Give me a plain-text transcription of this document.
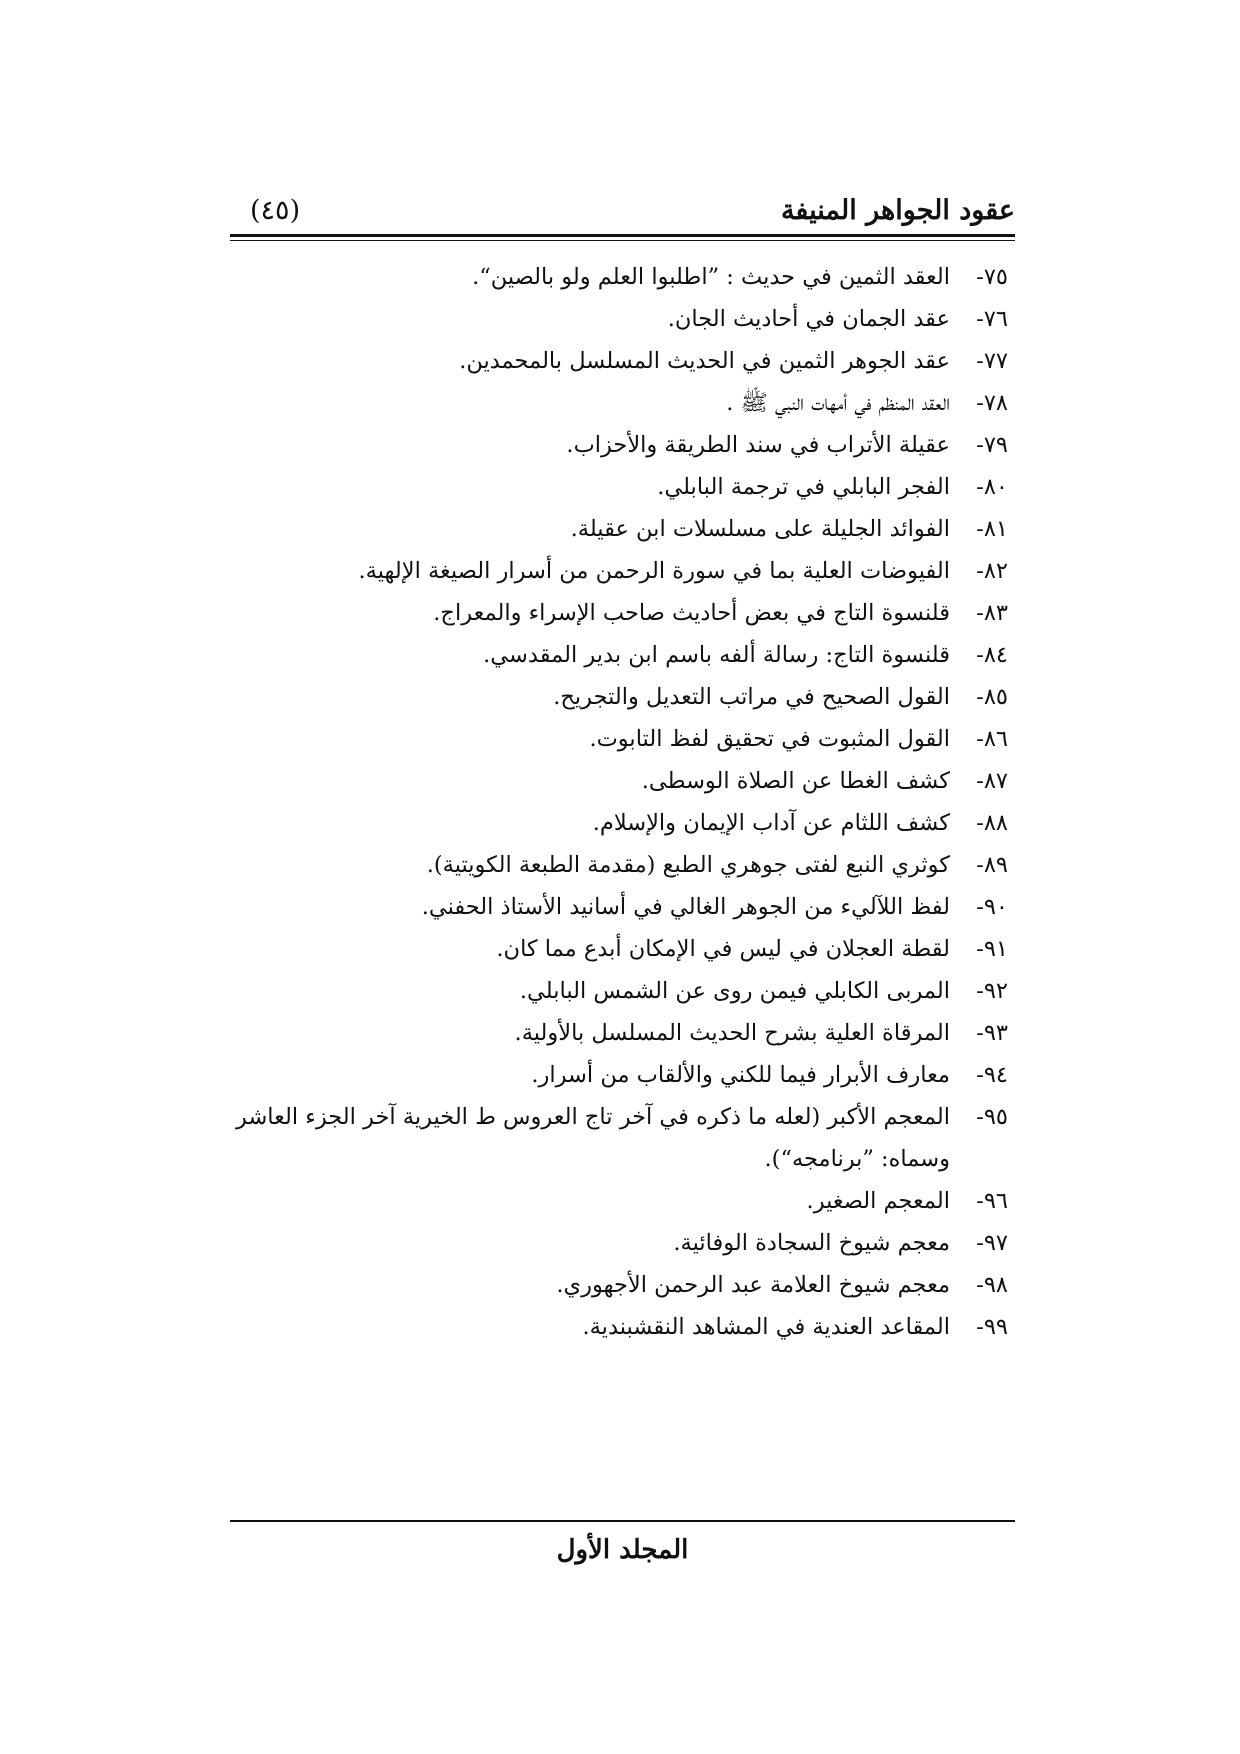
عقود الجواهر المنيفة
(٤٥)
٧٥-
العقد الثمين في حديث : ”اطلبوا العلم ولو بالصين“.
٧٦-
عقد الجمان في أحاديث الجان.
٧٧-
عقد الجوهر الثمين في الحديث المسلسل بالمحمدين.
٧٨-
العقد المنظم في أمهات النبي ﷺ .
٧٩-
عقيلة الأتراب في سند الطريقة والأحزاب.
٨٠-
الفجر البابلي في ترجمة البابلي.
٨١-
الفوائد الجليلة على مسلسلات ابن عقيلة.
٨٢-
الفيوضات العلية بما في سورة الرحمن من أسرار الصيغة الإلهية.
٨٣-
قلنسوة التاج في بعض أحاديث صاحب الإسراء والمعراج.
٨٤-
قلنسوة التاج: رسالة ألفه باسم ابن بدير المقدسي.
٨٥-
القول الصحيح في مراتب التعديل والتجريح.
٨٦-
القول المثبوت في تحقيق لفظ التابوت.
٨٧-
كشف الغطا عن الصلاة الوسطى.
٨٨-
كشف اللثام عن آداب الإيمان والإسلام.
٨٩-
كوثري النبع لفتى جوهري الطبع (مقدمة الطبعة الكويتية).
٩٠-
لفظ اللآليء من الجوهر الغالي في أسانيد الأستاذ الحفني.
٩١-
لقطة العجلان في ليس في الإمكان أبدع مما كان.
٩٢-
المربى الكابلي فيمن روى عن الشمس البابلي.
٩٣-
المرقاة العلية بشرح الحديث المسلسل بالأولية.
٩٤-
معارف الأبرار فيما للكني والألقاب من أسرار.
٩٥-
المعجم الأكبر (لعله ما ذكره في آخر تاج العروس ط الخيرية آخر الجزء العاشر وسماه: ”برنامجه“).
٩٦-
المعجم الصغير.
٩٧-
معجم شيوخ السجادة الوفائية.
٩٨-
معجم شيوخ العلامة عبد الرحمن الأجهوري.
٩٩-
المقاعد العندية في المشاهد النقشبندية.
المجلد الأول
